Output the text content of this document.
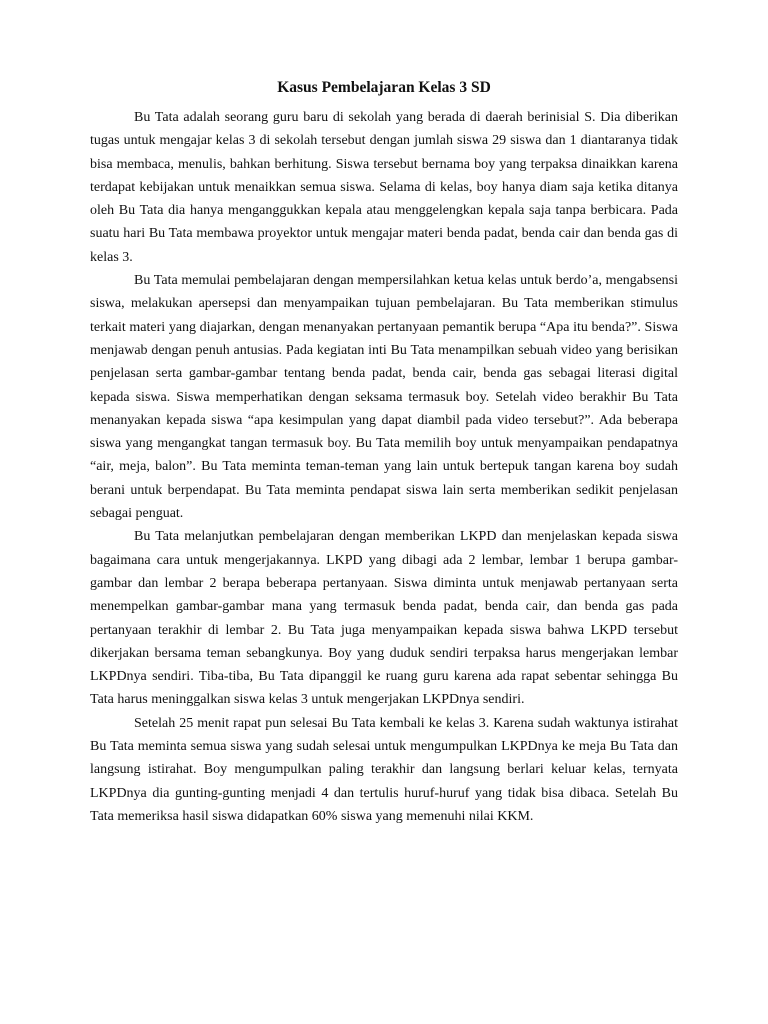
Kasus Pembelajaran Kelas 3 SD

Bu Tata adalah seorang guru baru di sekolah yang berada di daerah berinisial S. Dia diberikan tugas untuk mengajar kelas 3 di sekolah tersebut dengan jumlah siswa 29 siswa dan 1 diantaranya tidak bisa membaca, menulis, bahkan berhitung. Siswa tersebut bernama boy yang terpaksa dinaikkan karena terdapat kebijakan untuk menaikkan semua siswa. Selama di kelas, boy hanya diam saja ketika ditanya oleh Bu Tata dia hanya menganggukkan kepala atau menggelengkan kepala saja tanpa berbicara. Pada suatu hari Bu Tata membawa proyektor untuk mengajar materi benda padat, benda cair dan benda gas di kelas 3.

Bu Tata memulai pembelajaran dengan mempersilahkan ketua kelas untuk berdo’a, mengabsensi siswa, melakukan apersepsi dan menyampaikan tujuan pembelajaran. Bu Tata memberikan stimulus terkait materi yang diajarkan, dengan menanyakan pertanyaan pemantik berupa “Apa itu benda?”. Siswa menjawab dengan penuh antusias. Pada kegiatan inti Bu Tata menampilkan sebuah video yang berisikan penjelasan serta gambar-gambar tentang benda padat, benda cair, benda gas sebagai literasi digital kepada siswa. Siswa memperhatikan dengan seksama termasuk boy. Setelah video berakhir Bu Tata menanyakan kepada siswa “apa kesimpulan yang dapat diambil pada video tersebut?”. Ada beberapa siswa yang mengangkat tangan termasuk boy. Bu Tata memilih boy untuk menyampaikan pendapatnya “air, meja, balon”. Bu Tata meminta teman-teman yang lain untuk bertepuk tangan karena boy sudah berani untuk berpendapat. Bu Tata meminta pendapat siswa lain serta memberikan sedikit penjelasan sebagai penguat.

Bu Tata melanjutkan pembelajaran dengan memberikan LKPD dan menjelaskan kepada siswa bagaimana cara untuk mengerjakannya. LKPD yang dibagi ada 2 lembar, lembar 1 berupa gambar-gambar dan lembar 2 berapa beberapa pertanyaan. Siswa diminta untuk menjawab pertanyaan serta menempelkan gambar-gambar mana yang termasuk benda padat, benda cair, dan benda gas pada pertanyaan terakhir di lembar 2. Bu Tata juga menyampaikan kepada siswa bahwa LKPD tersebut dikerjakan bersama teman sebangkunya. Boy yang duduk sendiri terpaksa harus mengerjakan lembar LKPDnya sendiri. Tiba-tiba, Bu Tata dipanggil ke ruang guru karena ada rapat sebentar sehingga Bu Tata harus meninggalkan siswa kelas 3 untuk mengerjakan LKPDnya sendiri.

Setelah 25 menit rapat pun selesai Bu Tata kembali ke kelas 3. Karena sudah waktunya istirahat Bu Tata meminta semua siswa yang sudah selesai untuk mengumpulkan LKPDnya ke meja Bu Tata dan langsung istirahat. Boy mengumpulkan paling terakhir dan langsung berlari keluar kelas, ternyata LKPDnya dia gunting-gunting menjadi 4 dan tertulis huruf-huruf yang tidak bisa dibaca. Setelah Bu Tata memeriksa hasil siswa didapatkan 60% siswa yang memenuhi nilai KKM.
